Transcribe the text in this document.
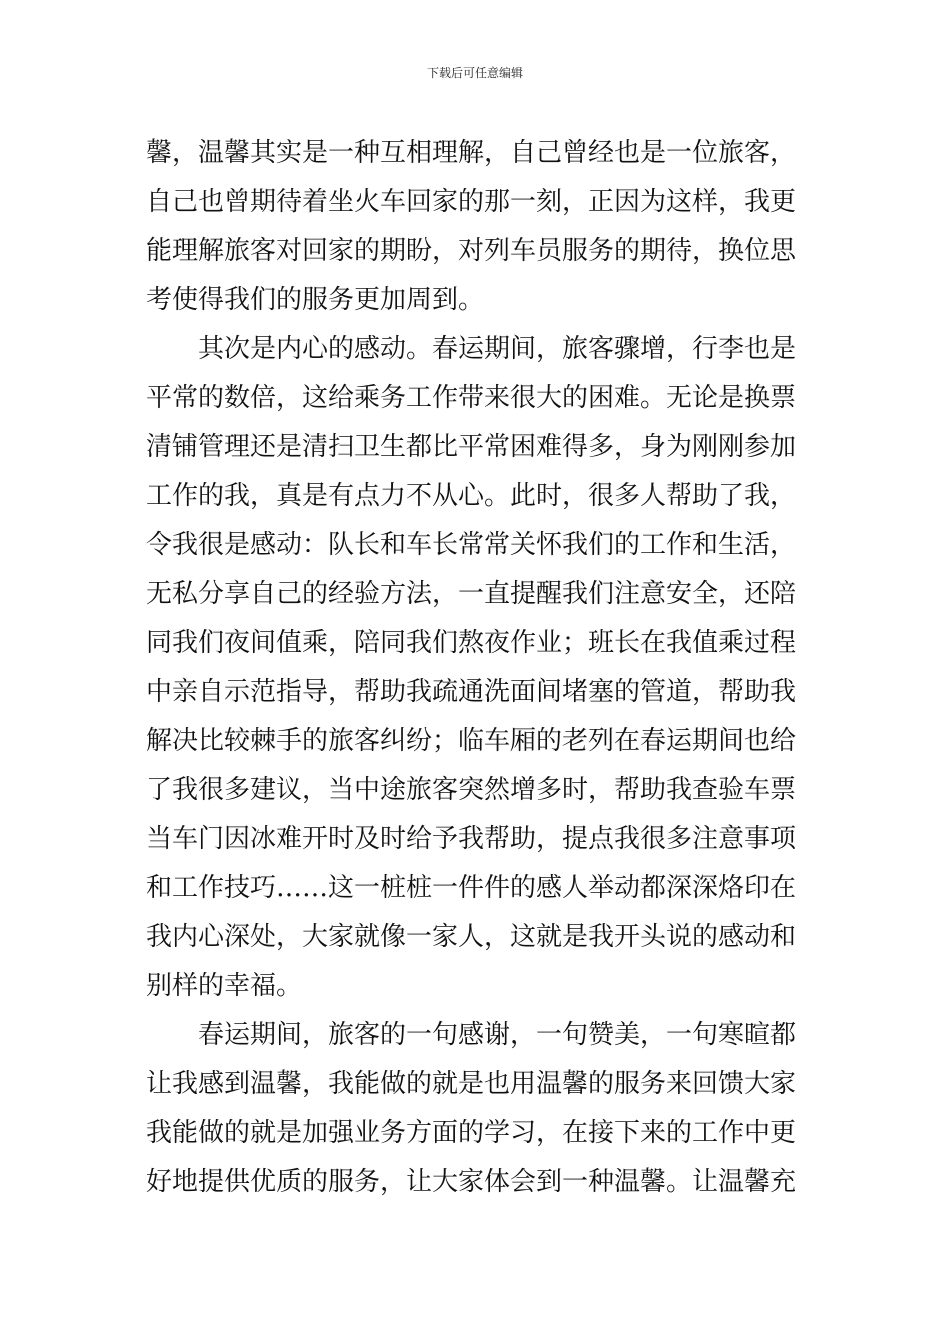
下载后可任意编辑
馨，温馨其实是一种互相理解，自己曾经也是一位旅客，
自己也曾期待着坐火车回家的那一刻，正因为这样，我更
能理解旅客对回家的期盼，对列车员服务的期待，换位思
考使得我们的服务更加周到。
其次是内心的感动。春运期间，旅客骤增，行李也是
平常的数倍，这给乘务工作带来很大的困难。无论是换票
清铺管理还是清扫卫生都比平常困难得多，身为刚刚参加
工作的我，真是有点力不从心。此时，很多人帮助了我，
令我很是感动：队长和车长常常关怀我们的工作和生活，
无私分享自己的经验方法，一直提醒我们注意安全，还陪
同我们夜间值乘，陪同我们熬夜作业；班长在我值乘过程
中亲自示范指导，帮助我疏通洗面间堵塞的管道，帮助我
解决比较棘手的旅客纠纷；临车厢的老列在春运期间也给
了我很多建议，当中途旅客突然增多时，帮助我查验车票
当车门因冰难开时及时给予我帮助，提点我很多注意事项
和工作技巧……这一桩桩一件件的感人举动都深深烙印在
我内心深处，大家就像一家人，这就是我开头说的感动和
别样的幸福。
春运期间，旅客的一句感谢，一句赞美，一句寒暄都
让我感到温馨，我能做的就是也用温馨的服务来回馈大家
我能做的就是加强业务方面的学习，在接下来的工作中更
好地提供优质的服务，让大家体会到一种温馨。让温馨充
